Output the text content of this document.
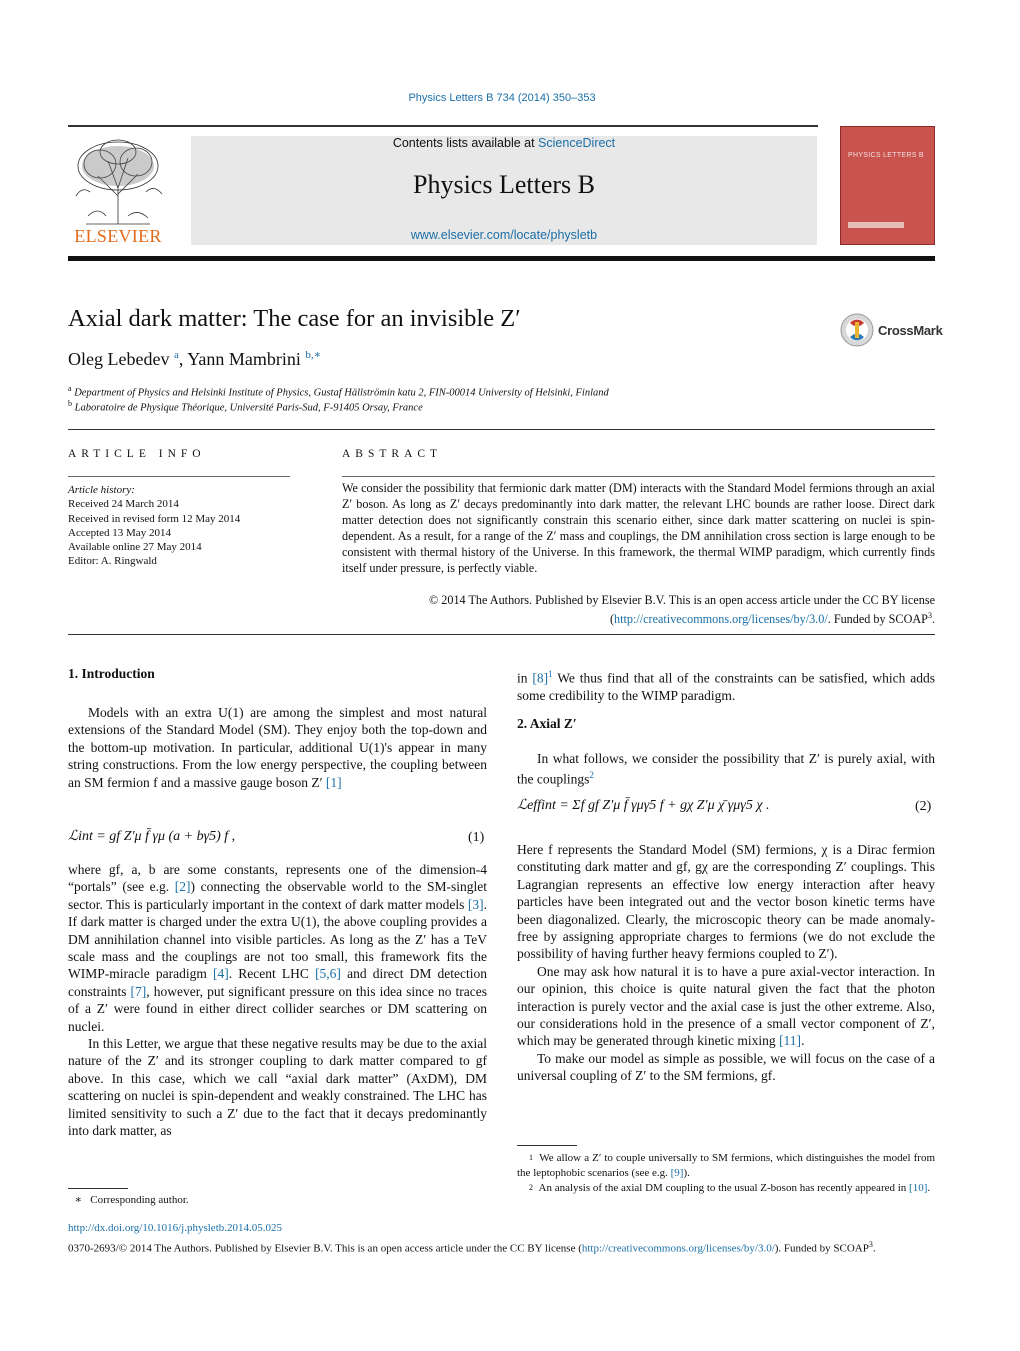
Physics Letters B 734 (2014) 350–353
ELSEVIER
Contents lists available at ScienceDirect
Physics Letters B
www.elsevier.com/locate/physletb
PHYSICS LETTERS B
Axial dark matter: The case for an invisible Z′	CrossMark
Oleg Lebedev $^a$, Yann Mambrini $^{b,∗}$
$^a$ Department of Physics and Helsinki Institute of Physics, Gustaf Hällströmin katu 2, FIN-00014 University of Helsinki, Finland
$^b$ Laboratoire de Physique Théorique, Université Paris-Sud, F-91405 Orsay, France
ARTICLE INFO
Article history:
Received 24 March 2014
Received in revised form 12 May 2014
Accepted 13 May 2014
Available online 27 May 2014
Editor: A. Ringwald
ABSTRACT
We consider the possibility that fermionic dark matter (DM) interacts with the Standard Model fermions through an axial Z′ boson. As long as Z′ decays predominantly into dark matter, the relevant LHC bounds are rather loose. Direct dark matter detection does not significantly constrain this scenario either, since dark matter scattering on nuclei is spin-dependent. As a result, for a range of the Z′ mass and couplings, the DM annihilation cross section is large enough to be consistent with thermal history of the Universe. In this framework, the thermal WIMP paradigm, which currently finds itself under pressure, is perfectly viable.
© 2014 The Authors. Published by Elsevier B.V. This is an open access article under the CC BY license
(http://creativecommons.org/licenses/by/3.0/. Funded by SCOAP$^3$.
1. Introduction

Models with an extra U(1) are among the simplest and most natural extensions of the Standard Model (SM). They enjoy both the top-down and the bottom-up motivation. In particular, additional U(1)'s appear in many string constructions. From the low energy perspective, the coupling between an SM fermion f and a massive gauge boson Z′ [1]

ℒint = gf Z′μ f̄ γμ (a + bγ5) f ,	(1)

where gf, a, b are some constants, represents one of the dimension-4 “portals” (see e.g. [2]) connecting the observable world to the SM-singlet sector. This is particularly important in the context of dark matter models [3]. If dark matter is charged under the extra U(1), the above coupling provides a DM annihilation channel into visible particles. As long as the Z′ has a TeV scale mass and the couplings are not too small, this framework fits the WIMP-miracle paradigm [4]. Recent LHC [5,6] and direct DM detection constraints [7], however, put significant pressure on this idea since no traces of a Z′ were found in either direct collider searches or DM scattering on nuclei.

In this Letter, we argue that these negative results may be due to the axial nature of the Z′ and its stronger coupling to dark matter compared to gf above. In this case, which we call “axial dark matter” (AxDM), DM scattering on nuclei is spin-dependent and weakly constrained. The LHC has limited sensitivity to such a Z′ due to the fact that it decays predominantly into dark matter, as

in $[8]^1$ We thus find that all of the constraints can be satisfied, which adds some credibility to the WIMP paradigm.

2. Axial Z′

In what follows, we consider the possibility that Z′ is purely axial, with the couplings$^2$

ℒeffint = Σf gf Z′μ f̄ γμγ5 f + gχ Z′μ χ̄ γμγ5 χ .	(2)

Here f represents the Standard Model (SM) fermions, χ is a Dirac fermion constituting dark matter and gf, gχ are the corresponding Z′ couplings. This Lagrangian represents an effective low energy interaction after heavy particles have been integrated out and the vector boson kinetic terms have been diagonalized. Clearly, the microscopic theory can be made anomaly-free by assigning appropriate charges to fermions (we do not exclude the possibility of having further heavy fermions coupled to Z′).

One may ask how natural it is to have a pure axial-vector interaction. In our opinion, this choice is quite natural given the fact that the photon interaction is purely vector and the axial case is just the other extreme. Also, our considerations hold in the presence of a small vector component of Z′, which may be generated through kinetic mixing [11].

To make our model as simple as possible, we will focus on the case of a universal coupling of Z′ to the SM fermions, gf.

1 We allow a Z′ to couple universally to SM fermions, which distinguishes the model from the leptophobic scenarios (see e.g. [9]).
2 An analysis of the axial DM coupling to the usual Z-boson has recently appeared in [10].
∗ Corresponding author.
http://dx.doi.org/10.1016/j.physletb.2014.05.025
0370-2693/© 2014 The Authors. Published by Elsevier B.V. This is an open access article under the CC BY license (http://creativecommons.org/licenses/by/3.0/). Funded by SCOAP$^3$.
